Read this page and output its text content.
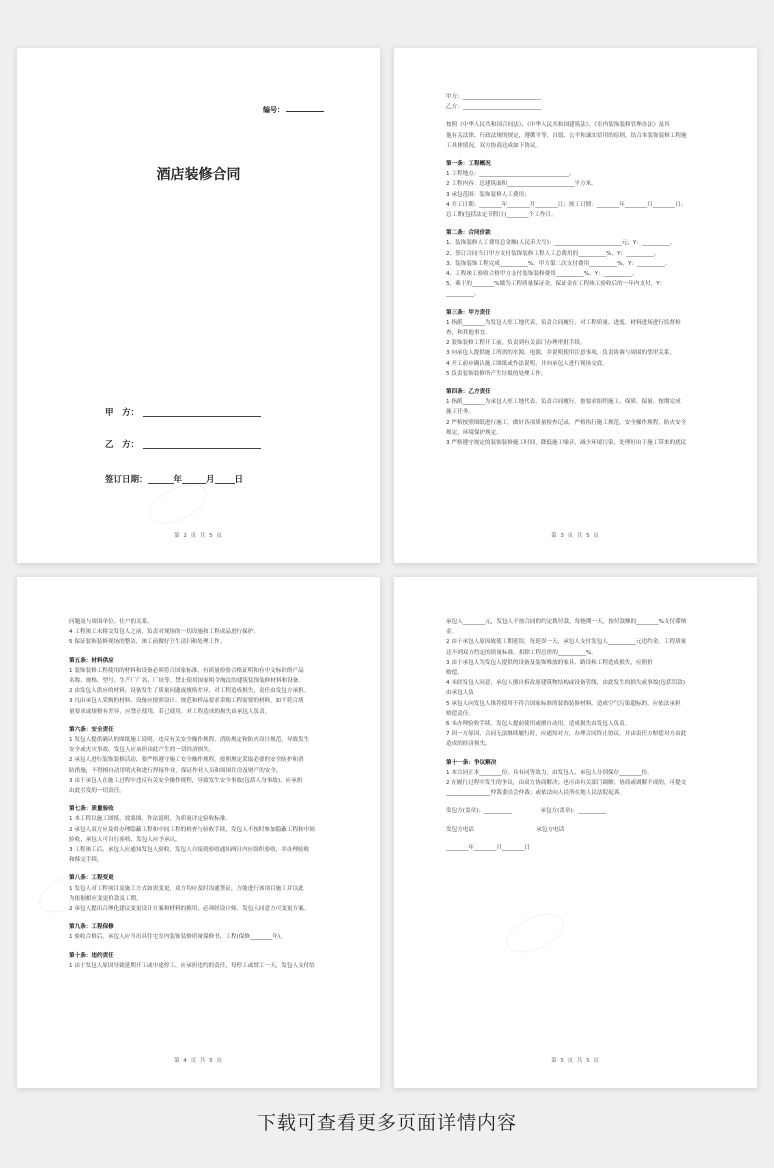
编号：
酒店装修合同
甲　方：
乙　方：
签订日期：	年	月 日
第 2 页 共 5 页
甲方：____________________________
乙方：____________________________
按照《中华人民共和国合同法》、《中华人民共和国建筑法》、《室内装饰装修管理办法》及其
他有关法律、行政法规的规定，遵循平等、自愿、公平和诚实信用的原则，结合本装饰装修工程施
工具体情况，双方协商达成如下协议。
第一条：工程概况
1 工程地点：________________________________。
2 工程内容：总建筑面积________________________平方米。
3 承包范围：装饰装修人工费用；
4 开工日期：________年________月________日；竣工日期：________年________月________日；
总工期(包括法定节假日)________个工作日。
第二条：合同价款
1、装饰装修人工费用总金额(人民币大写)：________________________元；Y：__________。
2、签订合同当日甲方支付装饰装修工程人工总费用的__________%，Y：__________。
3、装饰装饰工程完成__________%，甲方第二次支付费用__________%，Y：__________。
4、工程竣工验收合格甲方支付装饰装修费用__________%，Y：__________。
5、乘于的________%做为工程质量保证金，保证金在工程竣工验收后的一年内支付，Y：
__________。
第三条：甲方责任
1 指派________为发包人驻工地代表，负责合同履行，对工程质量、进度、材料进场进行监督检
查，和其他事宜。
2 装饰装修工程开工前，负责到有关部门办理审批手续。
3 向承包人提供施工所需的水源、电源，并说明使用注意事项，负责协调与周围的邻里关系。
4 开工前应确认施工图纸或作法说明，并向承包人进行现场交底。
5 负责装饰装修所产生垃圾的处理工作。
第四条：乙方责任
1 指派________为承包人驻工地代表，负责合同履行。按要求组织施工，保质、保量、按期完成
施工任务。
2 严格按照图纸进行施工，做好各项质量检查记录，严格执行施工规范，安全操作规程，防火安全
规定，环境保护规定。
3 严格遵守规定的装饰装修施工时间，降低施工噪音，减少环境污染，处理好由于施工带来的扰民
第 3 页 共 5 页
问题及与周围单位、住户的关系。
4 工程竣工未移交发包人之前，负责对现场的一切设施和工程成品进行保护。
5 保证装饰装修现场的整洁，竣工前做好卫生清扫和处理工作。
第五条：材料供应
1 装饰装修工程使用的材料和设备必须符合国家标准，有质量检验合格证明和有中文标识的产品
名称、规格、型号、生产厂厂名、厂址等。禁止使用国家明令淘汰的建筑装饰装修材料和设备。
2 由发包人供应的材料、设备发生了质量问题或规格差异，对工程造成损失，责任由发包方承担。
3 凡由承包人采购的材料、设备应按照设计、规范和样品要求采购工程需要的材料，如不符合质
量要求或规格有差异，应禁止使用，若已使用，对工程造成的损失由承包人负责。
第六条：安全责任
1 发包人提供确认的图纸施工说明，违反有关安全操作规程、消防规定和防火设计规范，导致发生
安全或火灾事故，发包人应承担由此产生的一切经济损失。
2 承包人进行装饰装修活动，要严格遵守施工安全操作规程，按照规定采取必要的安全防护和消
防措施，不得擅自动用明火和进行焊接作业，保证作业人员和周围住房及财产的安全。
3 由于承包人在施工过程中违反有关安全操作规程，导致发生安全事故(包括人身事故)，应承担
由此引发的一切责任。
第七条：质量验收
1 本工程以施工图纸、效果图、作法说明，为质量评定验收标准。
2 承包人双方应及时办理隐蔽工程和中间工程的检查与验收手续，发包人不按时参加隐蔽工程和中间
验收，承包人可自行验收，发包人应予承认。
3 工程竣工后，承包人应通知发包人验收，发包人自接到验收通知两日内应组织验收，并办理验收
和移交手续。
第八条：工程变更
1 发包人对工程项目及施工方式如需变更，双方均应及时沟通签证，方能进行该项目施工并以此
为依据相应变更价款及工期。
2 承包人提出合理化建议变更设计方案和材料的换用，必须经设计师、发包人同意方可变更方案。
第九条：工程保修
1 验收合格后，承包人应当出具住宅室内装饰装修质量保修书，工程(保修________年)。
第十条：违约责任
1 由于发包人原因导致延期开工或中途停工，应承担违约的责任，每停工或窝工一天，发包人支付给
第 4 页 共 5 页
承包人________元，发包人不按合同的约定拨付款，每拖期一天，按付款额的________%支付滞纳
金。
2 由于承包人原因致使工期延误，每延误一天，承包人支付发包人__________元违约金。工程质量
达不到双方约定的质量标准，扣除工程总价的__________%。
3 由于承包人为发包人提供的设备及装饰堆放的家具、路设和工程造成损失，应照价
赔偿。
4 未经发包人同意，承包人擅自拆改原建筑物结构或设备管线，由此发生的损失或事故(包括罚款)
由承包人负
5 承包人向发包人推荐使用不符合国家标准的装饰装修材料，造成空气污染超标的，应依法承担
赔偿责任。
6 未办理验收手续，发包人提前使用或擅自动用，造成损失由发包人负责。
7 因一方原因，合同无法继续履行时，应通知对方，办理合同终止协议，并由责任方赔偿对方由此
造成的经济损失。
第十一条：争议解决
1 本合同正本________份，具有同等效力，由发包人、承包人分别保存________份。
2 在履行过程中发生的争议，由双方协商解决；也可由有关部门调解；协商或调解不成的，可提交
________________仲裁委员会仲裁；或依法向人民所在地人民法院起诉。
发包方(盖章)：__________                承包方(盖章)：__________
发包方电话                                   承包方电话
________年________月________日
第 5 页 共 5 页
下载可查看更多页面详情内容
